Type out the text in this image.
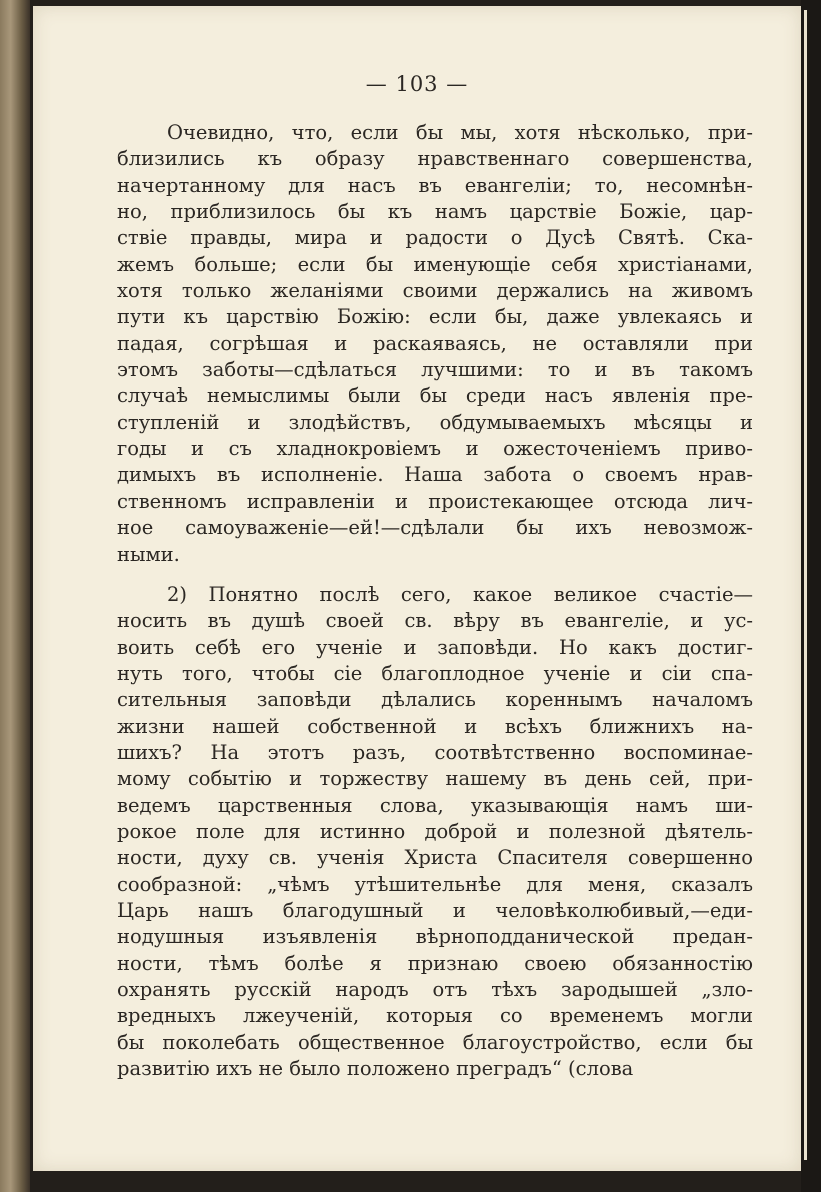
— 103 —
Очевидно, что, если бы мы, хотя нѣсколько, при-
близились къ образу нравственнаго совершенства,
начертанному для насъ въ евангеліи; то, несомнѣн-
но, приблизилось бы къ намъ царствіе Божіе, цар-
ствіе правды, мира и радости о Дусѣ Святѣ. Ска-
жемъ больше; если бы именующіе себя христіанами,
хотя только желаніями своими держались на живомъ
пути къ царствію Божію: если бы, даже увлекаясь и
падая, согрѣшая и раскаяваясь, не оставляли при
этомъ заботы—сдѣлаться лучшими: то и въ такомъ
случаѣ немыслимы были бы среди насъ явленія пре-
ступленій и злодѣйствъ, обдумываемыхъ мѣсяцы и
годы и съ хладнокровіемъ и ожесточеніемъ приво-
димыхъ въ исполненіе. Наша забота о своемъ нрав-
ственномъ исправленіи и проистекающее отсюда лич-
ное самоуваженіе—ей!—сдѣлали бы ихъ невозмож-
ными.
2) Понятно послѣ сего, какое великое счастіе—
носить въ душѣ своей св. вѣру въ евангеліе, и ус-
воить себѣ его ученіе и заповѣди. Но какъ достиг-
нуть того, чтобы сіе благоплодное ученіе и сіи спа-
сительныя заповѣди дѣлались кореннымъ началомъ
жизни нашей собственной и всѣхъ ближнихъ на-
шихъ? На этотъ разъ, соотвѣтственно воспоминае-
мому событію и торжеству нашему въ день сей, при-
ведемъ царственныя слова, указывающія намъ ши-
рокое поле для истинно доброй и полезной дѣятель-
ности, духу св. ученія Христа Спасителя совершенно
сообразной: „чѣмъ утѣшительнѣе для меня, сказалъ
Царь нашъ благодушный и человѣколюбивый,—еди-
нодушныя изъявленія вѣрноподданической предан-
ности, тѣмъ болѣе я признаю своею обязанностію
охранять русскій народъ отъ тѣхъ зародышей „зло-
вредныхъ лжеученій, которыя со временемъ могли
бы поколебать общественное благоустройство, если бы
развитію ихъ не было положено преградъ“ (слова
